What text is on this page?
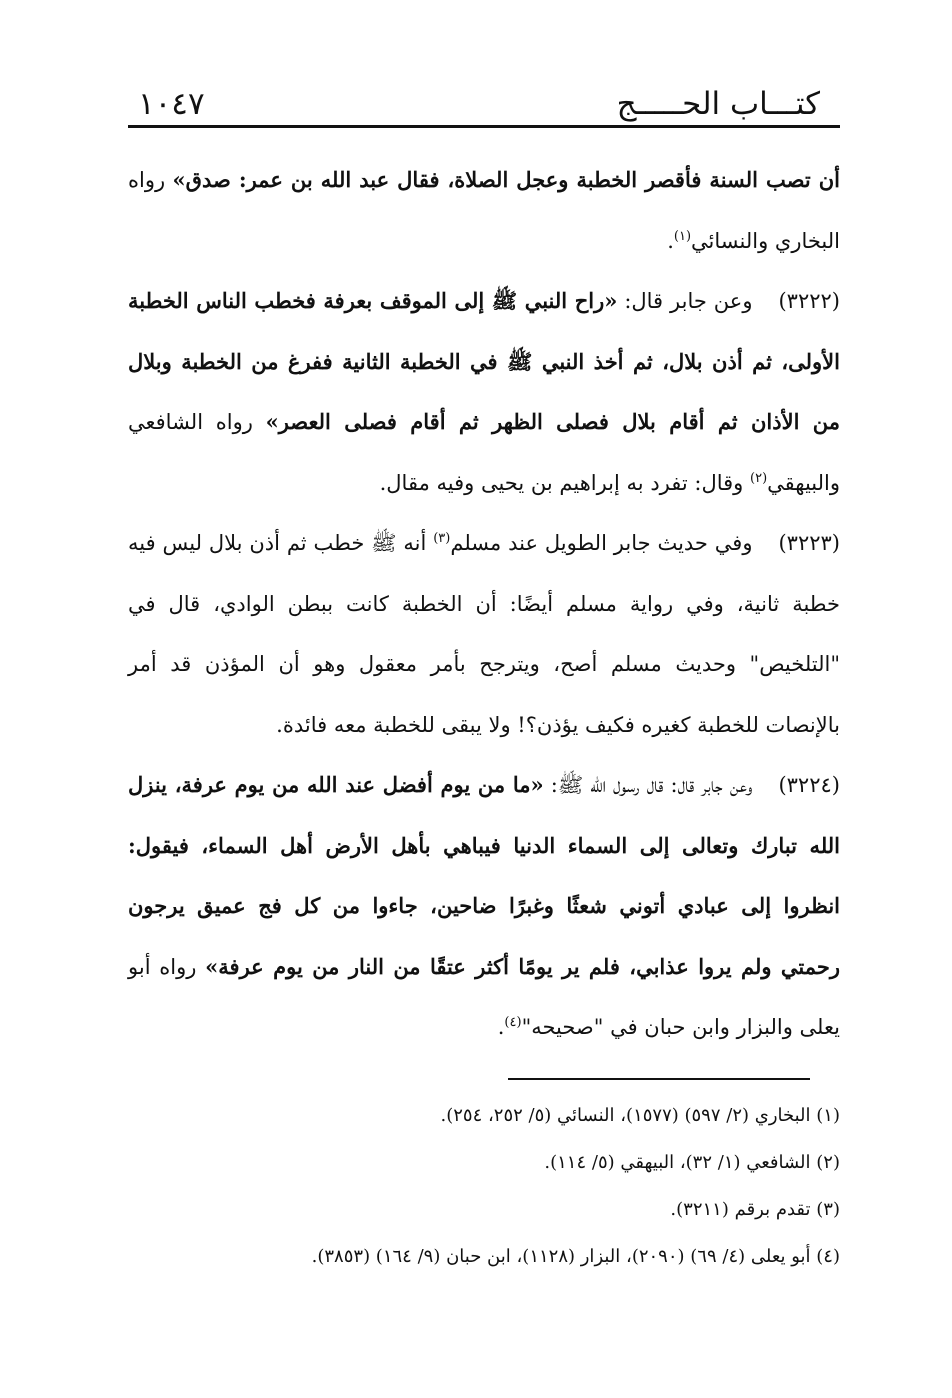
كتـــاب الحـــــج
١٠٤٧

أن تصب السنة فأقصر الخطبة وعجل الصلاة، فقال عبد الله بن عمر: صدق» رواه البخاري والنسائي$^{(١)}$.

(٣٢٢٢)وعن جابر قال: «راح النبي ﷺ إلى الموقف بعرفة فخطب الناس الخطبة الأولى، ثم أذن بلال، ثم أخذ النبي ﷺ في الخطبة الثانية ففرغ من الخطبة وبلال من الأذان ثم أقام بلال فصلى الظهر ثم أقام فصلى العصر» رواه الشافعي والبيهقي$^{(٢)}$ وقال: تفرد به إبراهيم بن يحيى وفيه مقال.

(٣٢٢٣)وفي حديث جابر الطويل عند مسلم$^{(٣)}$ أنه ﷺ خطب ثم أذن بلال ليس فيه خطبة ثانية، وفي رواية مسلم أيضًا: أن الخطبة كانت ببطن الوادي، قال في "التلخيص" وحديث مسلم أصح، ويترجح بأمر معقول وهو أن المؤذن قد أمر بالإنصات للخطبة كغيره فكيف يؤذن؟! ولا يبقى للخطبة معه فائدة.

(٣٢٢٤)وعن جابر قال: قال رسول الله ﷺ: «ما من يوم أفضل عند الله من يوم عرفة، ينزل الله تبارك وتعالى إلى السماء الدنيا فيباهي بأهل الأرض أهل السماء، فيقول: انظروا إلى عبادي أتوني شعثًا وغبرًا ضاحين، جاءوا من كل فج عميق يرجون رحمتي ولم يروا عذابي، فلم ير يومًا أكثر عتقًا من النار من يوم عرفة» رواه أبو يعلى والبزار وابن حبان في "صحيحه"$^{(٤)}$.

(١) البخاري (٢/ ٥٩٧) (١٥٧٧)، النسائي (٥/ ٢٥٢، ٢٥٤).
(٢) الشافعي (١/ ٣٢)، البيهقي (٥/ ١١٤).
(٣) تقدم برقم (٣٢١١).
(٤) أبو يعلى (٤/ ٦٩) (٢٠٩٠)، البزار (١١٢٨)، ابن حبان (٩/ ١٦٤) (٣٨٥٣).
